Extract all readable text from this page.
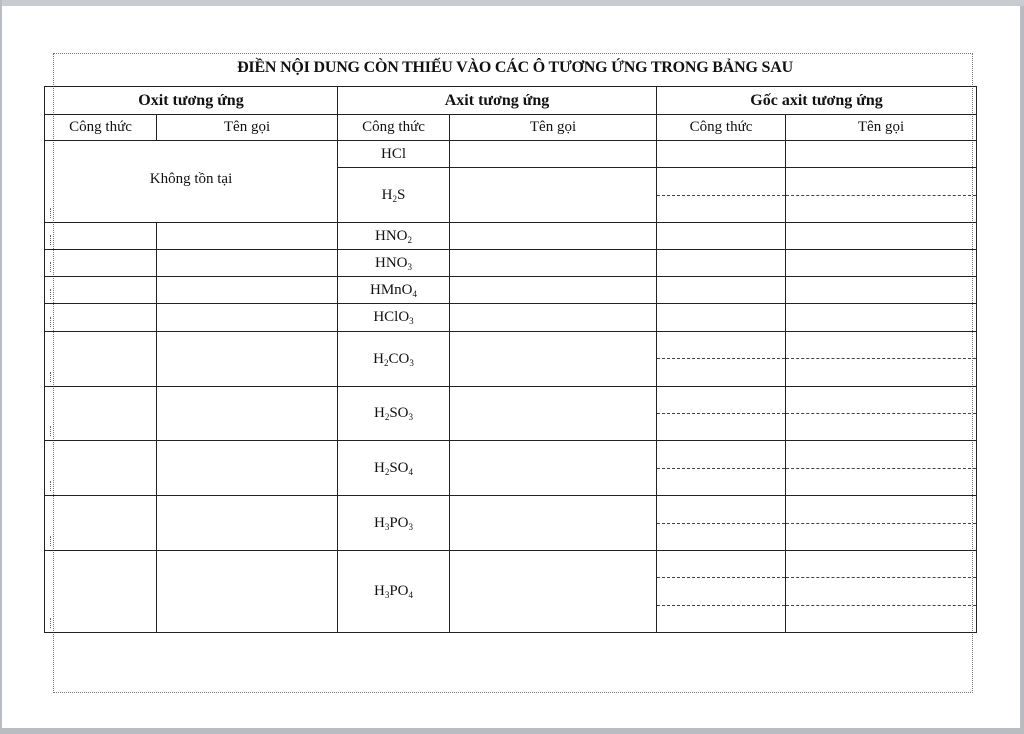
ĐIỀN NỘI DUNG CÒN THIẾU VÀO CÁC Ô TƯƠNG ỨNG TRONG BẢNG SAU
Oxit tương ứng		Axit tương ứng		Gốc axit tương ứng	
Công thức	Tên gọi	Công thức	Tên gọi	Công thức	Tên gọi
Không tồn tại		HCl			
		$H_2S$		

		$HNO_2$			

		$HNO_3$			

		HMnO$_4$			

		HClO$_3$			

		$H_2CO_3$		

		$H_2SO_3$		

		$H_2SO_4$		

		$H_3PO_3$		

		$H_3PO_4$		
